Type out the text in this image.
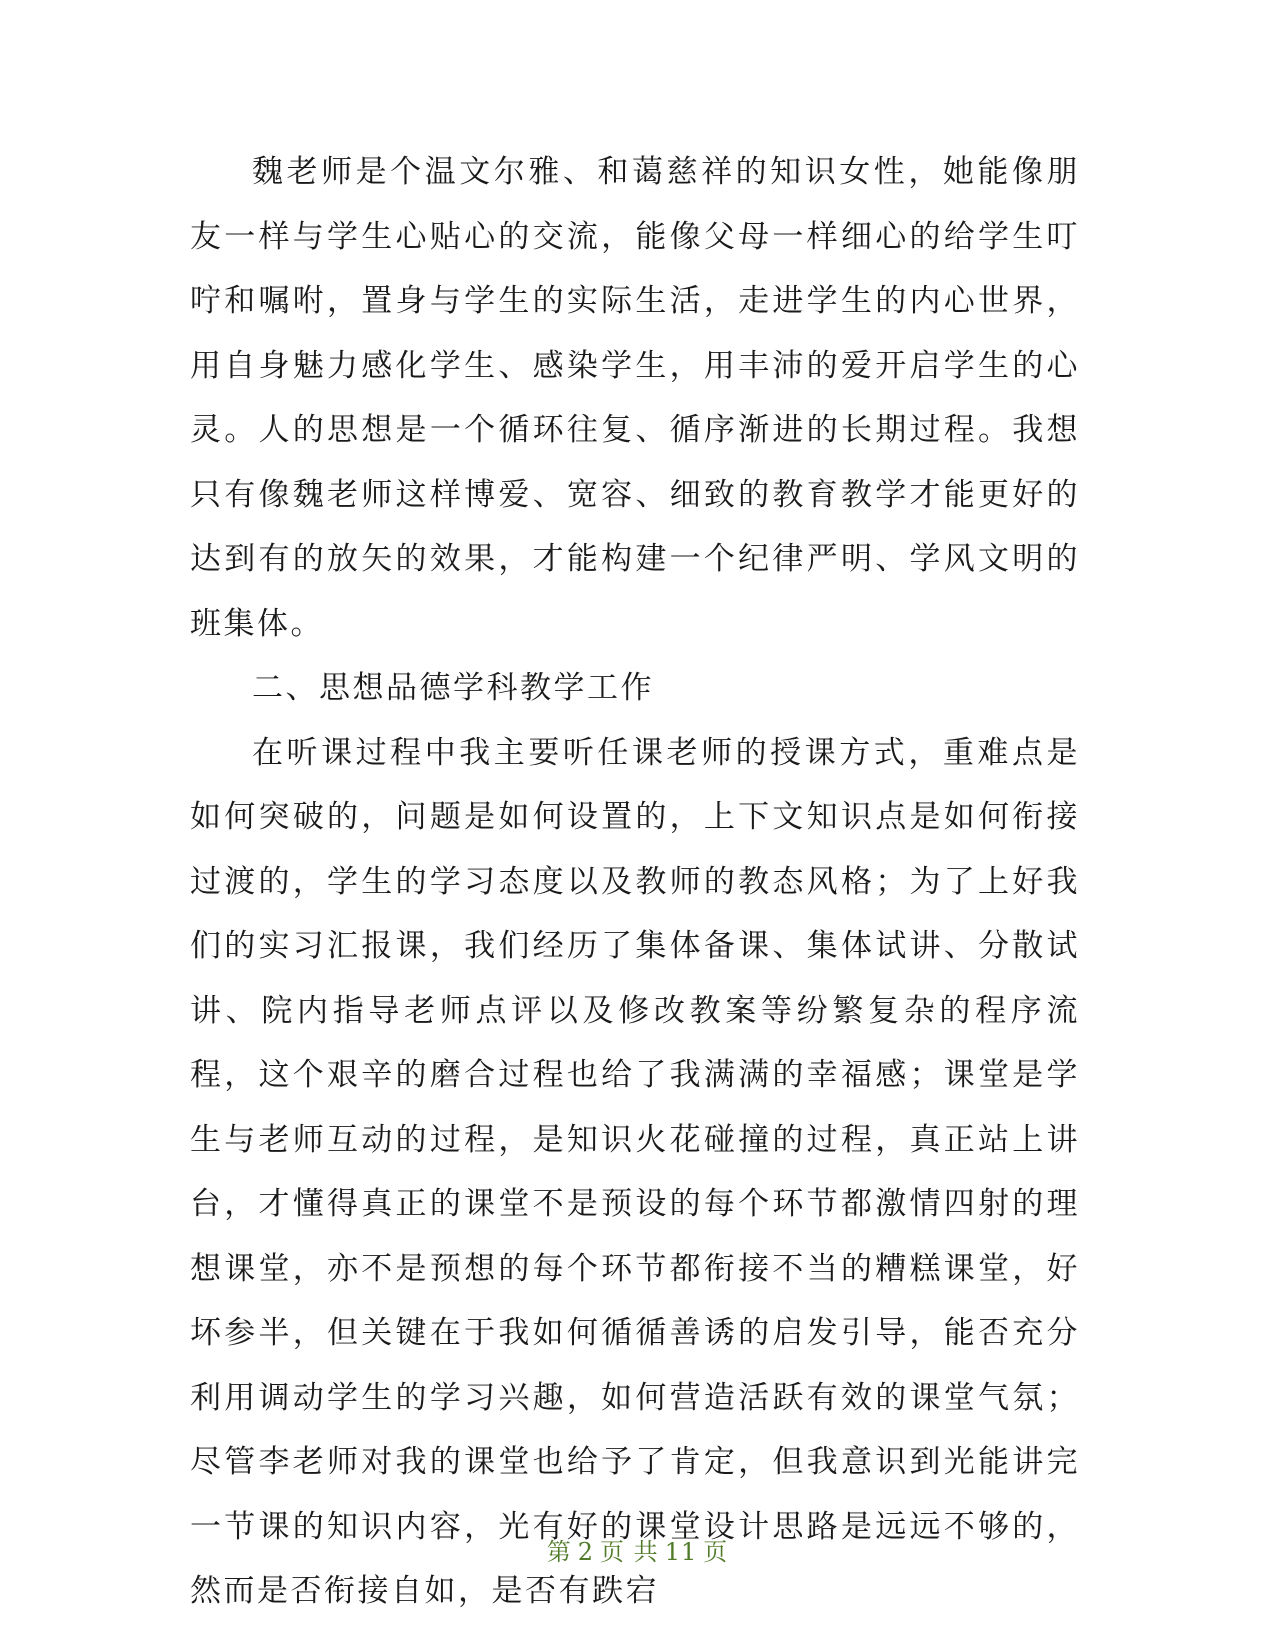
魏老师是个温文尔雅、和蔼慈祥的知识女性，她能像朋友一样与学生心贴心的交流，能像父母一样细心的给学生叮咛和嘱咐，置身与学生的实际生活，走进学生的内心世界，用自身魅力感化学生、感染学生，用丰沛的爱开启学生的心灵。人的思想是一个循环往复、循序渐进的长期过程。我想只有像魏老师这样博爱、宽容、细致的教育教学才能更好的达到有的放矢的效果，才能构建一个纪律严明、学风文明的班集体。

二、思想品德学科教学工作

在听课过程中我主要听任课老师的授课方式，重难点是如何突破的，问题是如何设置的，上下文知识点是如何衔接过渡的，学生的学习态度以及教师的教态风格；为了上好我们的实习汇报课，我们经历了集体备课、集体试讲、分散试讲、院内指导老师点评以及修改教案等纷繁复杂的程序流程，这个艰辛的磨合过程也给了我满满的幸福感；课堂是学生与老师互动的过程，是知识火花碰撞的过程，真正站上讲台，才懂得真正的课堂不是预设的每个环节都激情四射的理想课堂，亦不是预想的每个环节都衔接不当的糟糕课堂，好坏参半，但关键在于我如何循循善诱的启发引导，能否充分利用调动学生的学习兴趣，如何营造活跃有效的课堂气氛；尽管李老师对我的课堂也给予了肯定，但我意识到光能讲完一节课的知识内容，光有好的课堂设计思路是远远不够的，然而是否衔接自如，是否有跌宕

第 2 页 共 11 页
